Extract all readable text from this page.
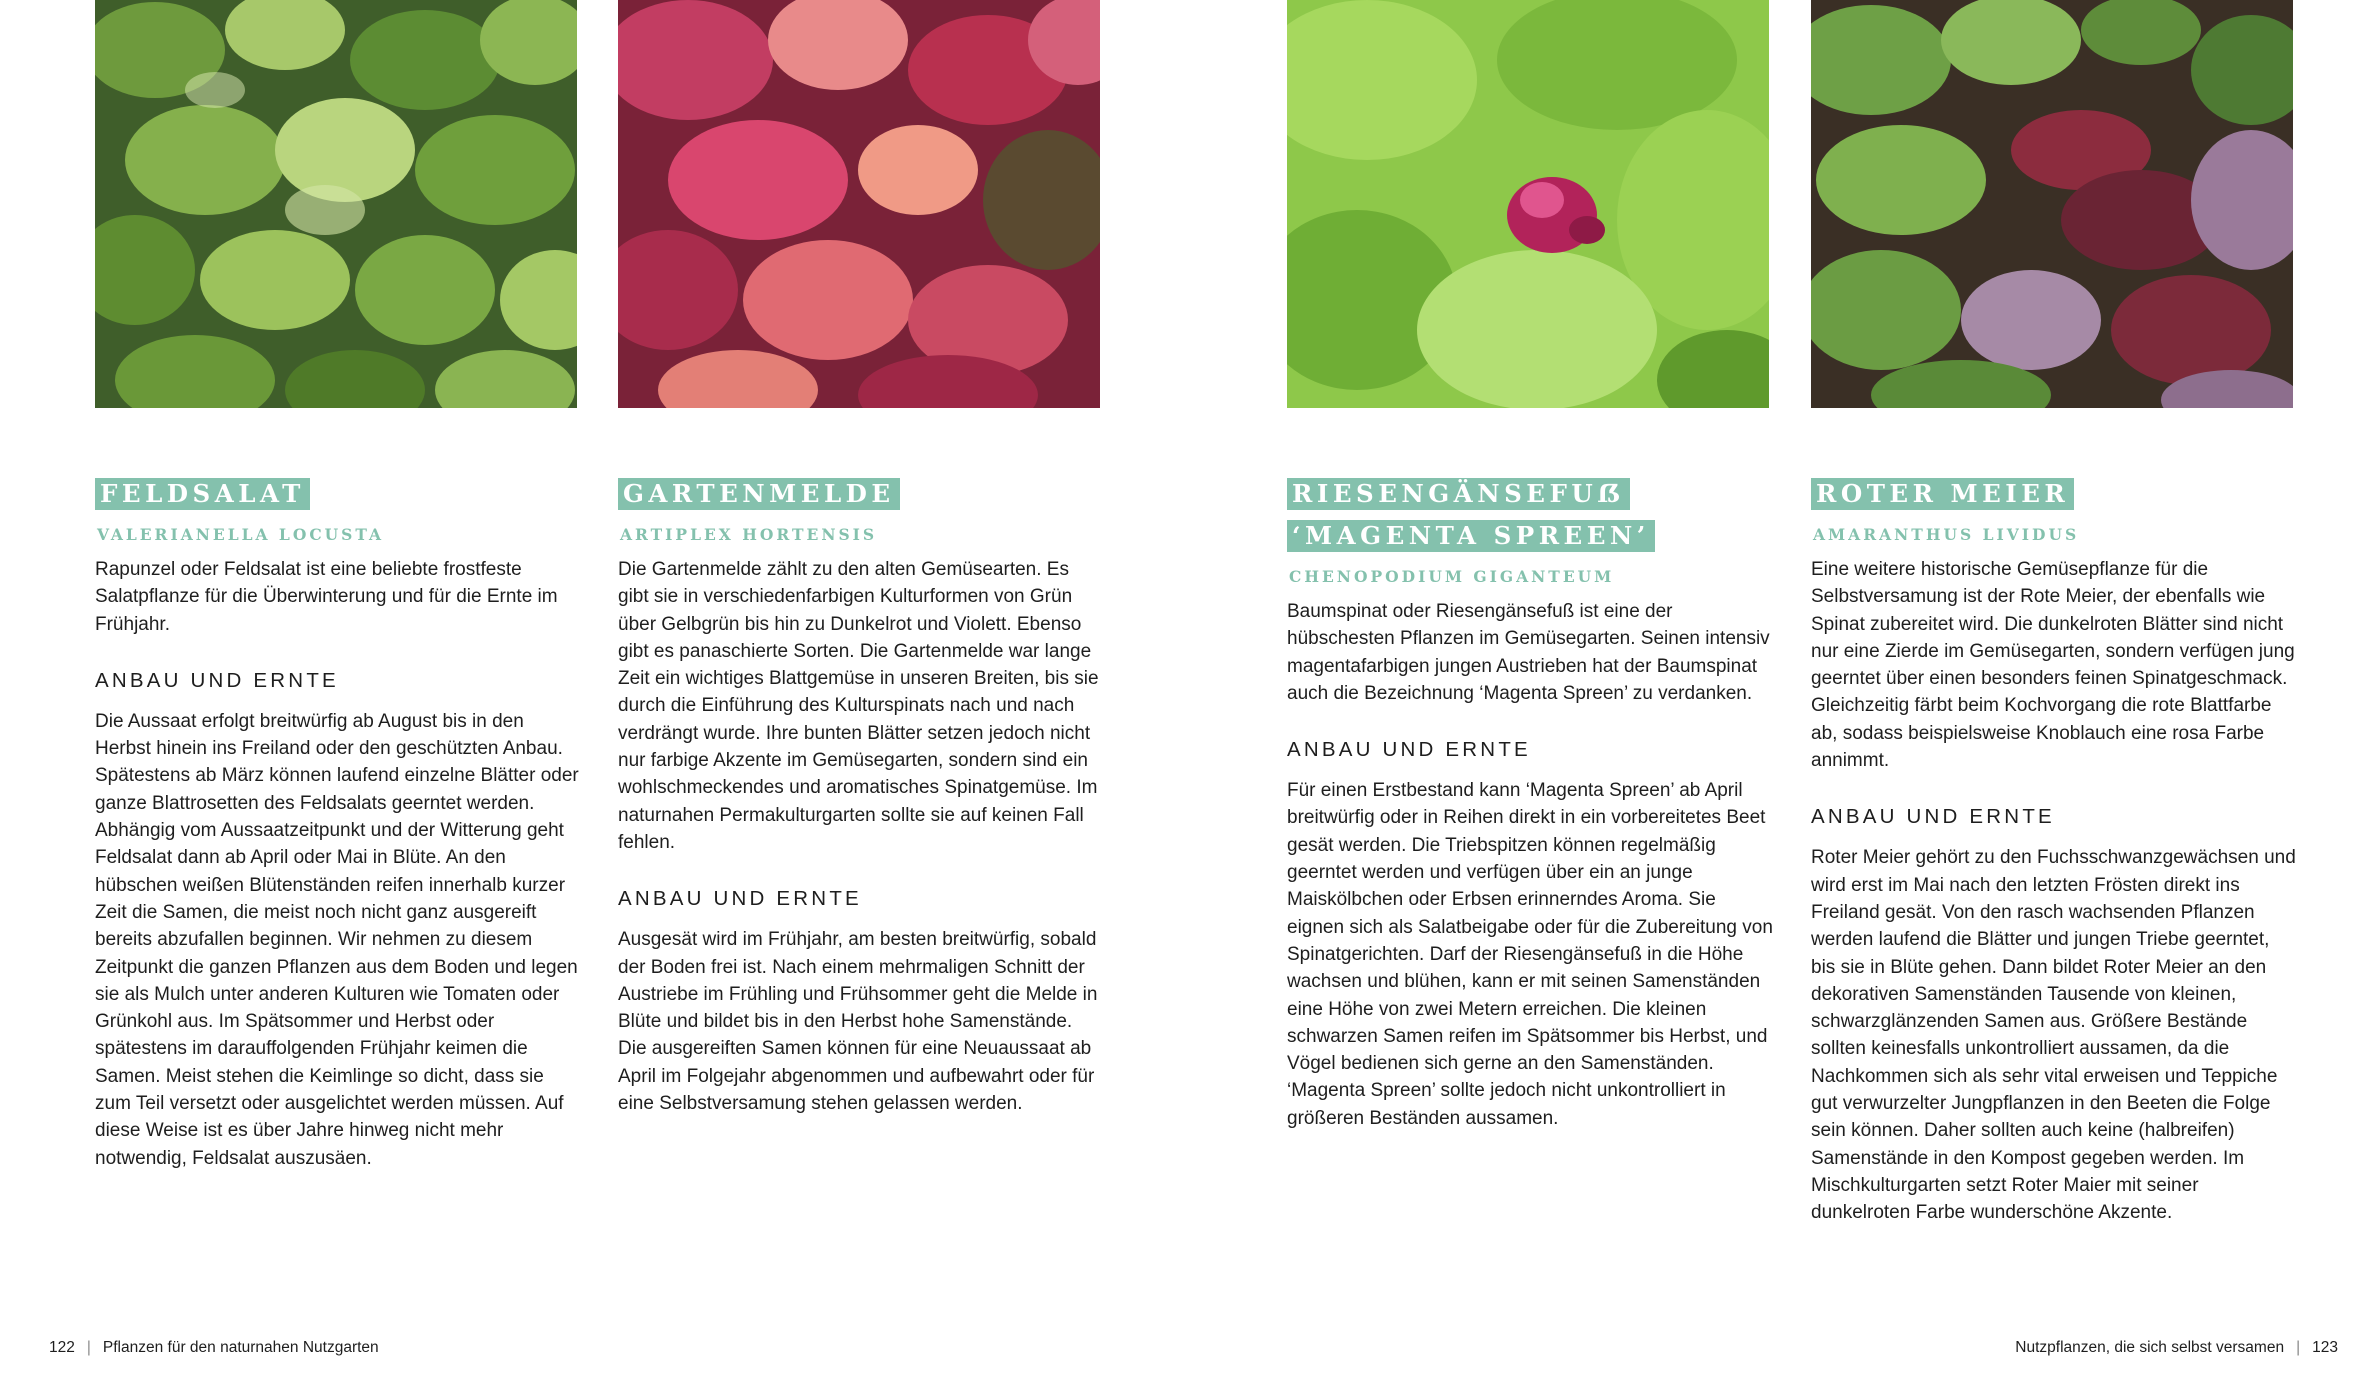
FELDSALAT
VALERIANELLA LOCUSTA

Rapunzel oder Feldsalat ist eine beliebte frostfeste Salatpflanze für die Überwinterung und für die Ernte im Frühjahr.

ANBAU UND ERNTE

Die Aussaat erfolgt breitwürfig ab August bis in den Herbst hinein ins Freiland oder den geschützten Anbau. Spätestens ab März können laufend einzelne Blätter oder ganze Blattrosetten des Feldsalats geerntet werden. Abhängig vom Aussaatzeitpunkt und der Witterung geht Feldsalat dann ab April oder Mai in Blüte. An den hübschen weißen Blütenständen reifen innerhalb kurzer Zeit die Samen, die meist noch nicht ganz ausgereift bereits abzufallen beginnen. Wir nehmen zu diesem Zeitpunkt die ganzen Pflanzen aus dem Boden und legen sie als Mulch unter anderen Kulturen wie Tomaten oder Grünkohl aus. Im Spätsommer und Herbst oder spätestens im darauffolgenden Frühjahr keimen die Samen. Meist stehen die Keimlinge so dicht, dass sie zum Teil versetzt oder ausgelichtet werden müssen. Auf diese Weise ist es über Jahre hinweg nicht mehr notwendig, Feldsalat auszusäen.

GARTENMELDE
ARTIPLEX HORTENSIS

Die Gartenmelde zählt zu den alten Gemüsearten. Es gibt sie in verschiedenfarbigen Kulturformen von Grün über Gelbgrün bis hin zu Dunkelrot und Violett. Ebenso gibt es panaschierte Sorten. Die Gartenmelde war lange Zeit ein wichtiges Blattgemüse in unseren Breiten, bis sie durch die Einführung des Kulturspinats nach und nach verdrängt wurde. Ihre bunten Blätter setzen jedoch nicht nur farbige Akzente im Gemüsegarten, sondern sind ein wohlschmeckendes und aromatisches Spinatgemüse. Im naturnahen Permakulturgarten sollte sie auf keinen Fall fehlen.

ANBAU UND ERNTE

Ausgesät wird im Frühjahr, am besten breitwürfig, sobald der Boden frei ist. Nach einem mehrmaligen Schnitt der Austriebe im Frühling und Frühsommer geht die Melde in Blüte und bildet bis in den Herbst hohe Samenstände. Die ausgereiften Samen können für eine Neuaussaat ab April im Folgejahr abgenommen und aufbewahrt oder für eine Selbstversamung stehen gelassen werden.

RIESENGÄNSEFUẞ
‘MAGENTA SPREEN’
CHENOPODIUM GIGANTEUM

Baumspinat oder Riesengänsefuß ist eine der hübschesten Pflanzen im Gemüsegarten. Seinen intensiv magentafarbigen jungen Austrieben hat der Baumspinat auch die Bezeichnung ‘Magenta Spreen’ zu verdanken.

ANBAU UND ERNTE

Für einen Erstbestand kann ‘Magenta Spreen’ ab April breitwürfig oder in Reihen direkt in ein vorbereitetes Beet gesät werden. Die Triebspitzen können regelmäßig geerntet werden und verfügen über ein an junge Maiskölbchen oder Erbsen erinnerndes Aroma. Sie eignen sich als Salatbeigabe oder für die Zubereitung von Spinatgerichten. Darf der Riesengänsefuß in die Höhe wachsen und blühen, kann er mit seinen Samenständen eine Höhe von zwei Metern erreichen. Die kleinen schwarzen Samen reifen im Spätsommer bis Herbst, und Vögel bedienen sich gerne an den Samenständen. ‘Magenta Spreen’ sollte jedoch nicht unkontrolliert in größeren Beständen aussamen.

ROTER MEIER
AMARANTHUS LIVIDUS

Eine weitere historische Gemüsepflanze für die Selbstversamung ist der Rote Meier, der ebenfalls wie Spinat zubereitet wird. Die dunkelroten Blätter sind nicht nur eine Zierde im Gemüsegarten, sondern verfügen jung geerntet über einen besonders feinen Spinatgeschmack. Gleichzeitig färbt beim Kochvorgang die rote Blattfarbe ab, sodass beispielsweise Knoblauch eine rosa Farbe annimmt.

ANBAU UND ERNTE

Roter Meier gehört zu den Fuchsschwanzgewächsen und wird erst im Mai nach den letzten Frösten direkt ins Freiland gesät. Von den rasch wachsenden Pflanzen werden laufend die Blätter und jungen Triebe geerntet, bis sie in Blüte gehen. Dann bildet Roter Meier an den dekorativen Samenständen Tausende von kleinen, schwarzglänzenden Samen aus. Größere Bestände sollten keinesfalls unkontrolliert aussamen, da die Nachkommen sich als sehr vital erweisen und Teppiche gut verwurzelter Jungpflanzen in den Beeten die Folge sein können. Daher sollten auch keine (halbreifen) Samenstände in den Kompost gegeben werden. Im Mischkulturgarten setzt Roter Maier mit seiner dunkelroten Farbe wunderschöne Akzente.

122 | Pflanzen für den naturnahen Nutzgarten	Nutzpflanzen, die sich selbst versamen | 123
